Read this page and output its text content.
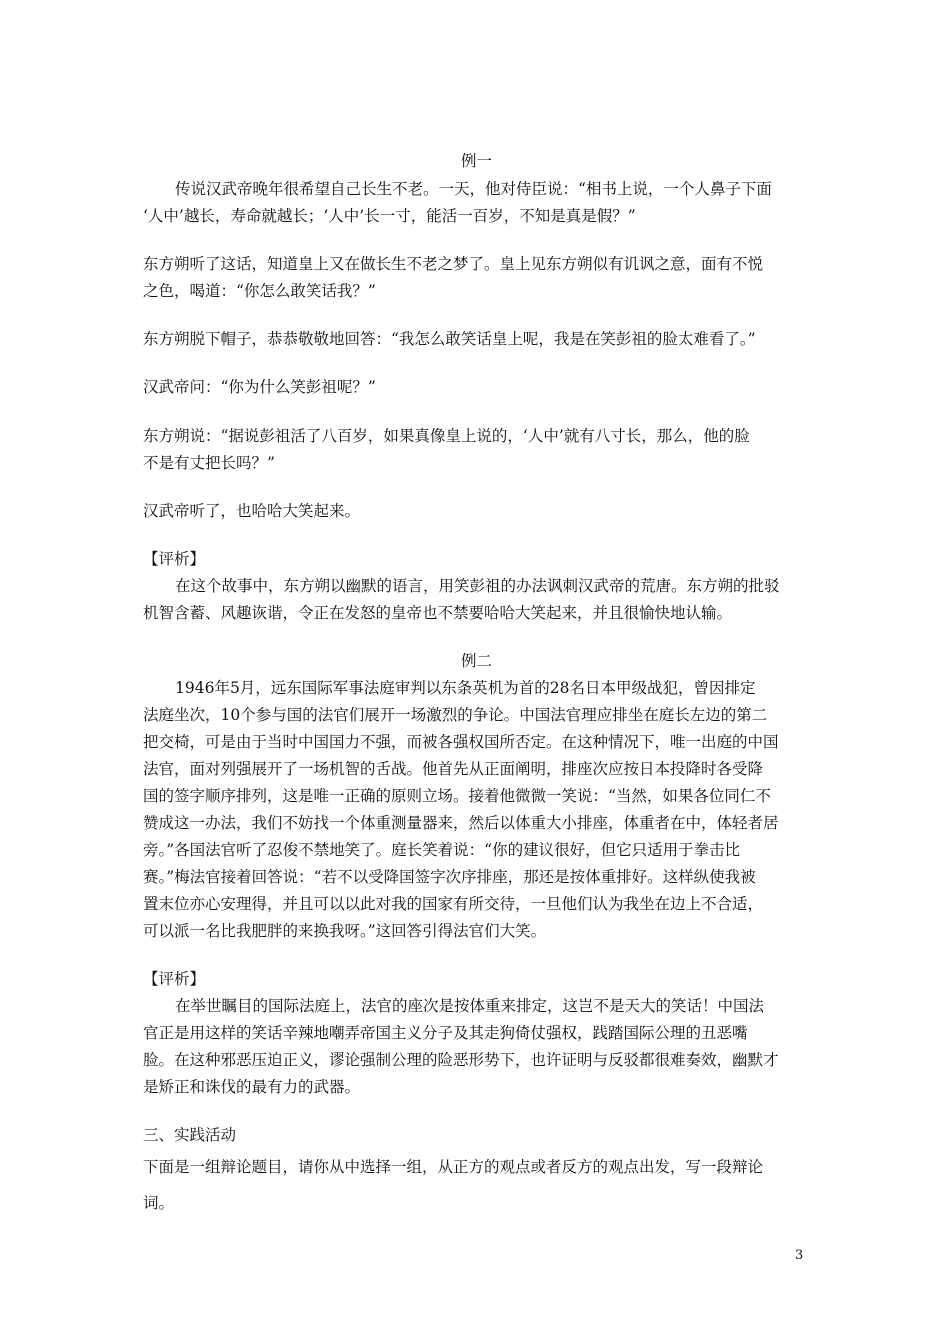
例一
传说汉武帝晚年很希望自己长生不老。一天，他对侍臣说：“相书上说，一个人鼻子下面
‘人中’越长，寿命就越长；‘人中’长一寸，能活一百岁，不知是真是假？”
东方朔听了这话，知道皇上又在做长生不老之梦了。皇上见东方朔似有讥讽之意，面有不悦
之色，喝道：“你怎么敢笑话我？”
东方朔脱下帽子，恭恭敬敬地回答：“我怎么敢笑话皇上呢，我是在笑彭祖的脸太难看了。”
汉武帝问：“你为什么笑彭祖呢？”
东方朔说：“据说彭祖活了八百岁，如果真像皇上说的，‘人中’就有八寸长，那么，他的脸
不是有丈把长吗？”
汉武帝听了，也哈哈大笑起来。
【评析】
在这个故事中，东方朔以幽默的语言，用笑彭祖的办法讽刺汉武帝的荒唐。东方朔的批驳
机智含蓄、风趣诙谐，令正在发怒的皇帝也不禁要哈哈大笑起来，并且很愉快地认输。
例二
1946年5月，远东国际军事法庭审判以东条英机为首的28名日本甲级战犯，曾因排定
法庭坐次，10个参与国的法官们展开一场激烈的争论。中国法官理应排坐在庭长左边的第二
把交椅，可是由于当时中国国力不强，而被各强权国所否定。在这种情况下，唯一出庭的中国
法官，面对列强展开了一场机智的舌战。他首先从正面阐明，排座次应按日本投降时各受降
国的签字顺序排列，这是唯一正确的原则立场。接着他微微一笑说：“当然，如果各位同仁不
赞成这一办法，我们不妨找一个体重测量器来，然后以体重大小排座，体重者在中，体轻者居
旁。”各国法官听了忍俊不禁地笑了。庭长笑着说：“你的建议很好，但它只适用于拳击比
赛。”梅法官接着回答说：“若不以受降国签字次序排座，那还是按体重排好。这样纵使我被
置末位亦心安理得，并且可以以此对我的国家有所交待，一旦他们认为我坐在边上不合适，
可以派一名比我肥胖的来换我呀。”这回答引得法官们大笑。
【评析】
在举世瞩目的国际法庭上，法官的座次是按体重来排定，这岂不是天大的笑话！中国法
官正是用这样的笑话辛辣地嘲弄帝国主义分子及其走狗倚仗强权，践踏国际公理的丑恶嘴
脸。在这种邪恶压迫正义，谬论强制公理的险恶形势下，也许证明与反驳都很难奏效，幽默才
是矫正和诛伐的最有力的武器。
三、实践活动
下面是一组辩论题目，请你从中选择一组，从正方的观点或者反方的观点出发，写一段辩论
词。
3
